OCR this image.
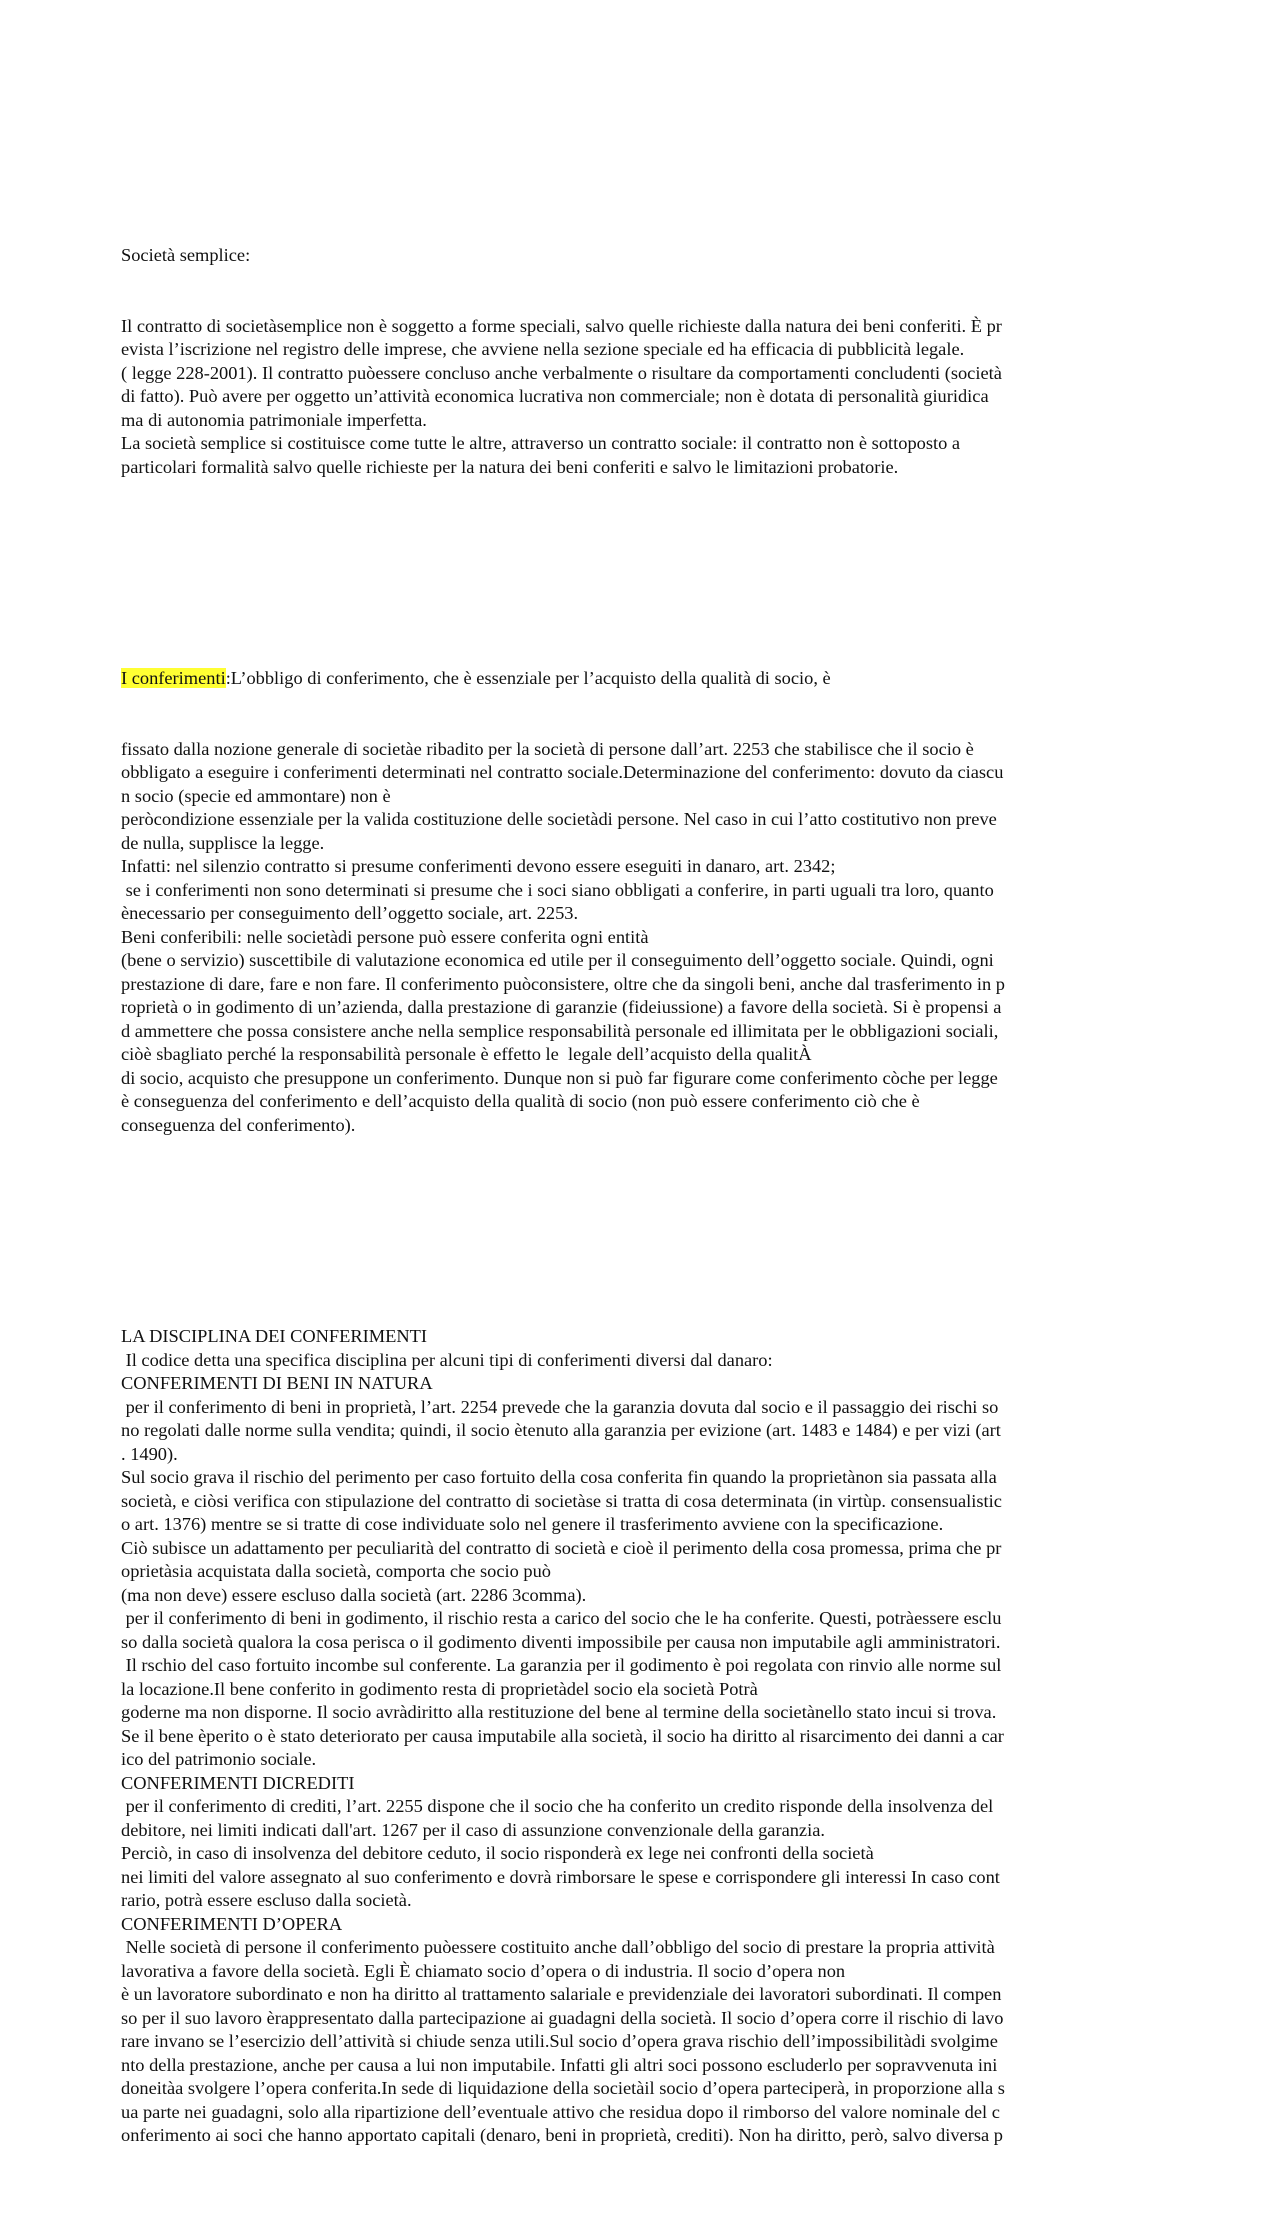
Società semplice:

Il contratto di societàsemplice non è soggetto a forme speciali, salvo quelle richieste dalla natura dei beni conferiti. È pr
evista l’iscrizione nel registro delle imprese, che avviene nella sezione speciale ed ha efficacia di pubblicità legale.
( legge 228-2001). Il contratto puòessere concluso anche verbalmente o risultare da comportamenti concludenti (società
di fatto). Può avere per oggetto un’attività economica lucrativa non commerciale; non è dotata di personalità giuridica
ma di autonomia patrimoniale imperfetta.
La società semplice si costituisce come tutte le altre, attraverso un contratto sociale: il contratto non è sottoposto a
particolari formalità salvo quelle richieste per la natura dei beni conferiti e salvo le limitazioni probatorie.

I conferimenti:L’obbligo di conferimento, che è essenziale per l’acquisto della qualità di socio, è

fissato dalla nozione generale di societàe ribadito per la società di persone dall’art. 2253 che stabilisce che il socio è
obbligato a eseguire i conferimenti determinati nel contratto sociale.Determinazione del conferimento: dovuto da ciascu
n socio (specie ed ammontare) non è
peròcondizione essenziale per la valida costituzione delle societàdi persone. Nel caso in cui l’atto costitutivo non preve
de nulla, supplisce la legge.
Infatti: nel silenzio contratto si presume conferimenti devono essere eseguiti in danaro, art. 2342;
se i conferimenti non sono determinati si presume che i soci siano obbligati a conferire, in parti uguali tra loro, quanto
ènecessario per conseguimento dell’oggetto sociale, art. 2253.
Beni conferibili: nelle societàdi persone può essere conferita ogni entità
(bene o servizio) suscettibile di valutazione economica ed utile per il conseguimento dell’oggetto sociale. Quindi, ogni
prestazione di dare, fare e non fare. Il conferimento puòconsistere, oltre che da singoli beni, anche dal trasferimento in p
roprietà o in godimento di un’azienda, dalla prestazione di garanzie (fideiussione) a favore della società. Si è propensi a
d ammettere che possa consistere anche nella semplice responsabilità personale ed illimitata per le obbligazioni sociali,
ciòè sbagliato perché la responsabilità personale è effetto le  legale dell’acquisto della qualitÀ
di socio, acquisto che presuppone un conferimento. Dunque non si può far figurare come conferimento còche per legge
è conseguenza del conferimento e dell’acquisto della qualità di socio (non può essere conferimento ciò che è
conseguenza del conferimento).

LA DISCIPLINA DEI CONFERIMENTI
Il codice detta una specifica disciplina per alcuni tipi di conferimenti diversi dal danaro:
CONFERIMENTI DI BENI IN NATURA
per il conferimento di beni in proprietà, l’art. 2254 prevede che la garanzia dovuta dal socio e il passaggio dei rischi so
no regolati dalle norme sulla vendita; quindi, il socio ètenuto alla garanzia per evizione (art. 1483 e 1484) e per vizi (art
. 1490).
Sul socio grava il rischio del perimento per caso fortuito della cosa conferita fin quando la proprietànon sia passata alla
società, e ciòsi verifica con stipulazione del contratto di societàse si tratta di cosa determinata (in virtùp. consensualistic
o art. 1376) mentre se si tratte di cose individuate solo nel genere il trasferimento avviene con la specificazione.
Ciò subisce un adattamento per peculiarità del contratto di società e cioè il perimento della cosa promessa, prima che pr
oprietàsia acquistata dalla società, comporta che socio può
(ma non deve) essere escluso dalla società (art. 2286 3comma).
per il conferimento di beni in godimento, il rischio resta a carico del socio che le ha conferite. Questi, potràessere esclu
so dalla società qualora la cosa perisca o il godimento diventi impossibile per causa non imputabile agli amministratori.
Il rschio del caso fortuito incombe sul conferente. La garanzia per il godimento è poi regolata con rinvio alle norme sul
la locazione.Il bene conferito in godimento resta di proprietàdel socio ela società Potrà
goderne ma non disporne. Il socio avràdiritto alla restituzione del bene al termine della societànello stato incui si trova.
Se il bene èperito o è stato deteriorato per causa imputabile alla società, il socio ha diritto al risarcimento dei danni a car
ico del patrimonio sociale.
CONFERIMENTI DICREDITI
per il conferimento di crediti, l’art. 2255 dispone che il socio che ha conferito un credito risponde della insolvenza del
debitore, nei limiti indicati dall'art. 1267 per il caso di assunzione convenzionale della garanzia.
Perciò, in caso di insolvenza del debitore ceduto, il socio risponderà ex lege nei confronti della società
nei limiti del valore assegnato al suo conferimento e dovrà rimborsare le spese e corrispondere gli interessi In caso cont
rario, potrà essere escluso dalla società.
CONFERIMENTI D’OPERA
Nelle società di persone il conferimento puòessere costituito anche dall’obbligo del socio di prestare la propria attività
lavorativa a favore della società. Egli È chiamato socio d’opera o di industria. Il socio d’opera non
è un lavoratore subordinato e non ha diritto al trattamento salariale e previdenziale dei lavoratori subordinati. Il compen
so per il suo lavoro èrappresentato dalla partecipazione ai guadagni della società. Il socio d’opera corre il rischio di lavo
rare invano se l’esercizio dell’attività si chiude senza utili.Sul socio d’opera grava rischio dell’impossibilitàdi svolgime
nto della prestazione, anche per causa a lui non imputabile. Infatti gli altri soci possono escluderlo per sopravvenuta ini
doneitàa svolgere l’opera conferita.In sede di liquidazione della societàil socio d’opera parteciperà, in proporzione alla s
ua parte nei guadagni, solo alla ripartizione dell’eventuale attivo che residua dopo il rimborso del valore nominale del c
onferimento ai soci che hanno apportato capitali (denaro, beni in proprietà, crediti). Non ha diritto, però, salvo diversa p
